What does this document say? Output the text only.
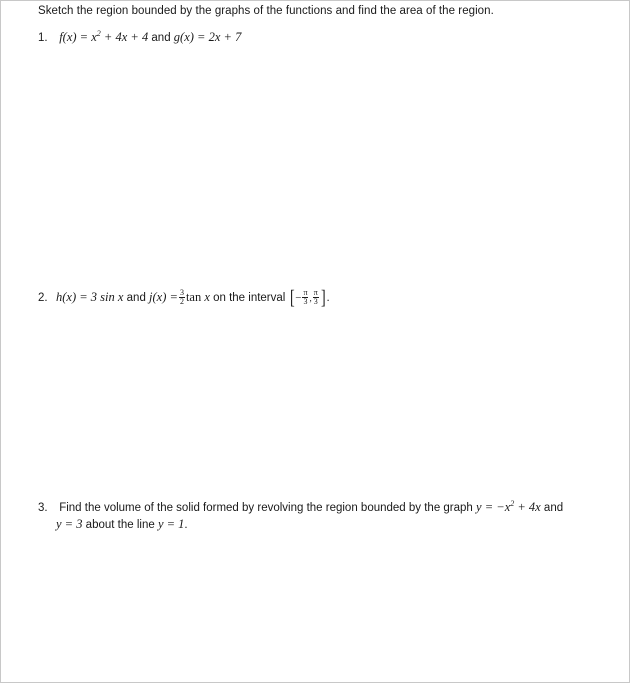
Sketch the region bounded by the graphs of the functions and find the area of the region.
1. $f(x) = x^2 + 4x + 4$ and g(x) = 2x + 7
2. h(x) = 3 sin x and $j(x) = \frac{3}{2}$ tan x on the interval [ − $\frac{\pi}{3}$ , $\frac{\pi}{3}$ ] .
3. Find the volume of the solid formed by revolving the region bounded by the graph $y = -x^2 + 4x$ and
y = 3 about the line y = 1.
